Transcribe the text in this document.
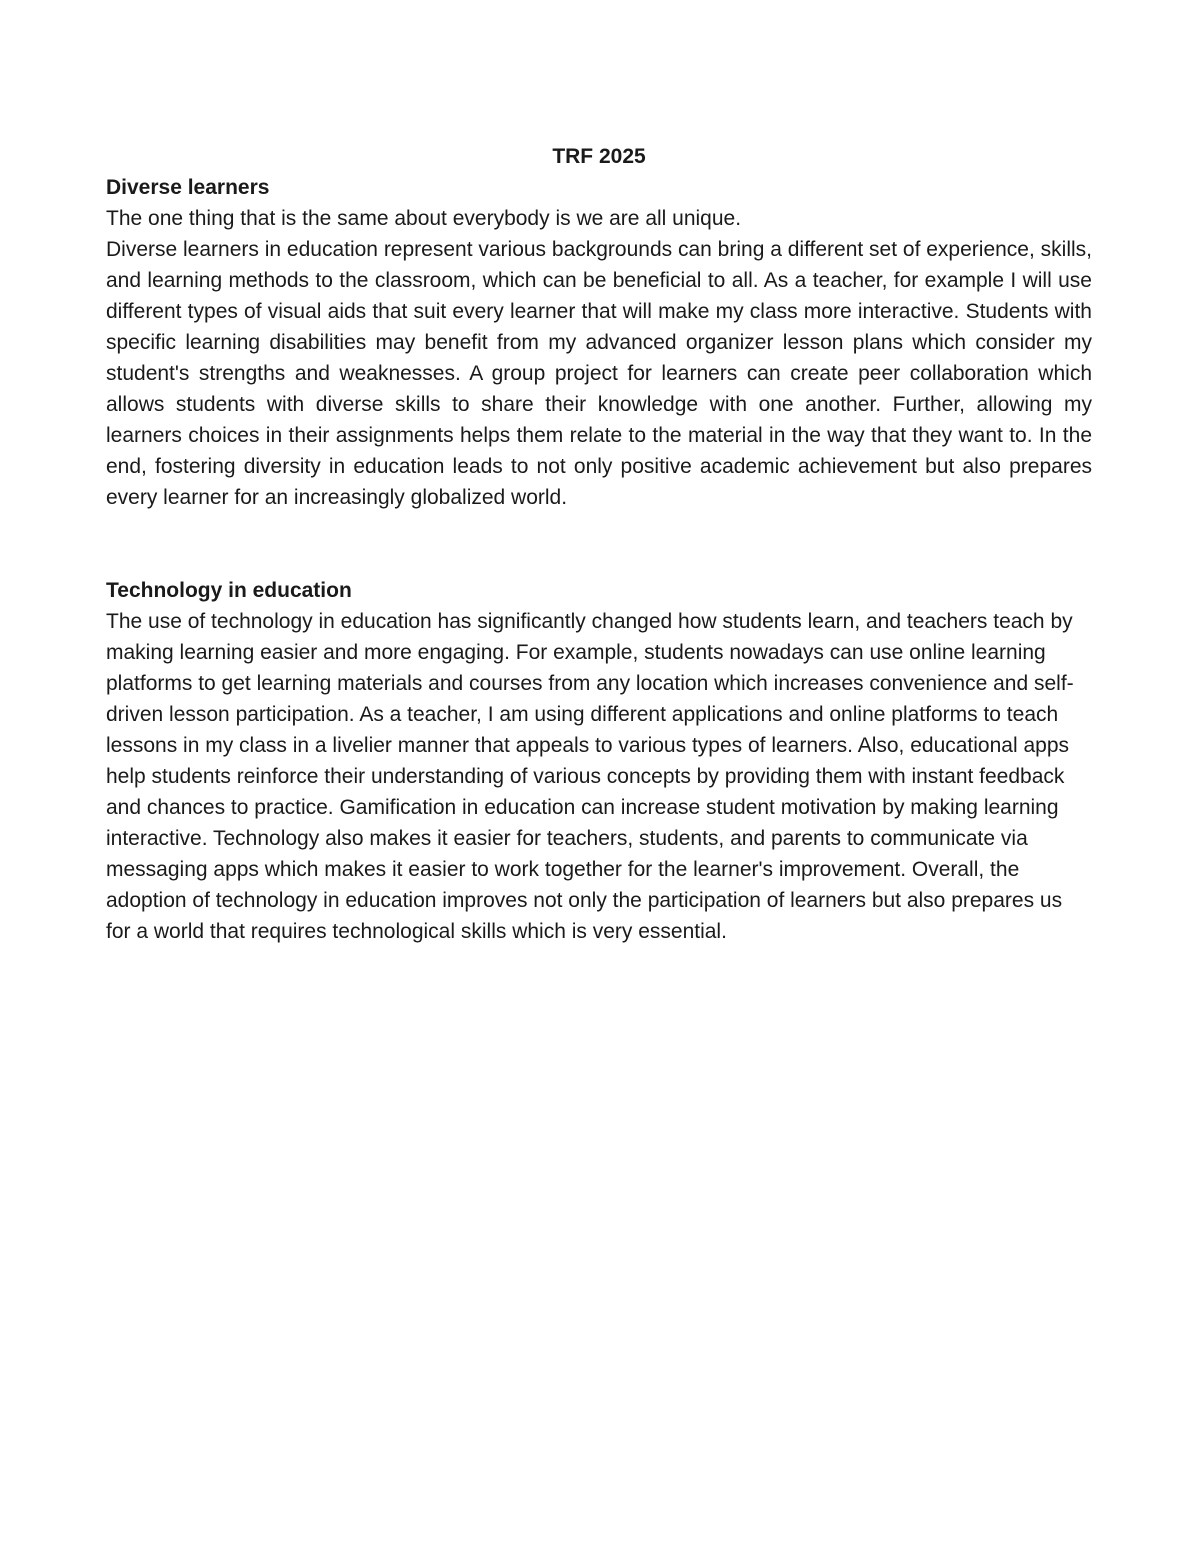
TRF 2025

Diverse learners

The one thing that is the same about everybody is we are all unique.

Diverse learners in education represent various backgrounds can bring a different set of experience, skills, and learning methods to the classroom, which can be beneficial to all. As a teacher, for example I will use different types of visual aids that suit every learner that will make my class more interactive. Students with specific learning disabilities may benefit from my advanced organizer lesson plans which consider my student's strengths and weaknesses. A group project for learners can create peer collaboration which allows students with diverse skills to share their knowledge with one another. Further, allowing my learners choices in their assignments helps them relate to the material in the way that they want to. In the end, fostering diversity in education leads to not only positive academic achievement but also prepares every learner for an increasingly globalized world.

Technology in education

The use of technology in education has significantly changed how students learn, and teachers teach by making learning easier and more engaging. For example, students nowadays can use online learning platforms to get learning materials and courses from any location which increases convenience and self-driven lesson participation. As a teacher, I am using different applications and online platforms to teach lessons in my class in a livelier manner that appeals to various types of learners. Also, educational apps help students reinforce their understanding of various concepts by providing them with instant feedback and chances to practice. Gamification in education can increase student motivation by making learning interactive. Technology also makes it easier for teachers, students, and parents to communicate via messaging apps which makes it easier to work together for the learner's improvement. Overall, the adoption of technology in education improves not only the participation of learners but also prepares us for a world that requires technological skills which is very essential.
